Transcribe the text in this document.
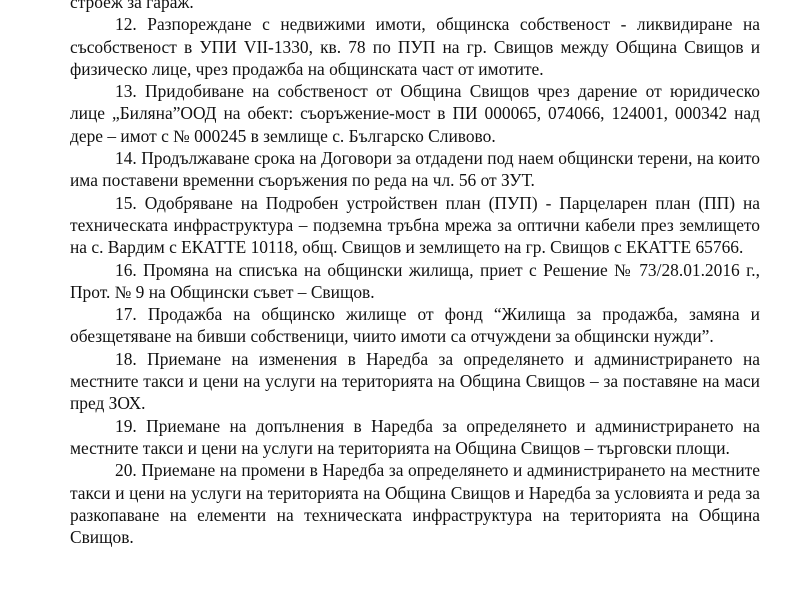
строеж за гараж.

12. Разпореждане с недвижими имоти, общинска собственост - ликвидиране на съсобственост в УПИ VII-1330, кв. 78 по ПУП на гр. Свищов между Община Свищов и физическо лице, чрез продажба на общинската част от имотите.

13. Придобиване на собственост от Община Свищов чрез дарение от юридическо лице „Биляна”ООД на обект: съоръжение-мост в ПИ 000065, 074066, 124001, 000342 над дере – имот с № 000245 в землище с. Българско Сливово.

14. Продължаване срока на Договори за отдадени под наем общински терени, на които има поставени временни съоръжения по реда на чл. 56 от ЗУТ.

15. Одобряване на Подробен устройствен план (ПУП) - Парцеларен план (ПП) на техническата инфраструктура – подземна тръбна мрежа за оптични кабели през землището на с. Вардим с ЕКАТТЕ 10118, общ. Свищов и землището на гр. Свищов с ЕКАТТЕ 65766.

16. Промяна на списъка на общински жилища, приет с Решение № 73/28.01.2016 г., Прот. № 9 на Общински съвет – Свищов.

17. Продажба на общинско жилище от фонд “Жилища за продажба, замяна и обезщетяване на бивши собственици, чиито имоти са отчуждени за общински нужди”.

18. Приемане на изменения в Наредба за определянето и администрирането на местните такси и цени на услуги на територията на Община Свищов – за поставяне на маси пред ЗОХ.

19. Приемане на допълнения в Наредба за определянето и администрирането на местните такси и цени на услуги на територията на Община Свищов – търговски площи.

20. Приемане на промени в Наредба за определянето и администрирането на местните такси и цени на услуги на територията на Община Свищов и Наредба за условията и реда за разкопаване на елементи на техническата инфраструктура на територията на Община Свищов.
